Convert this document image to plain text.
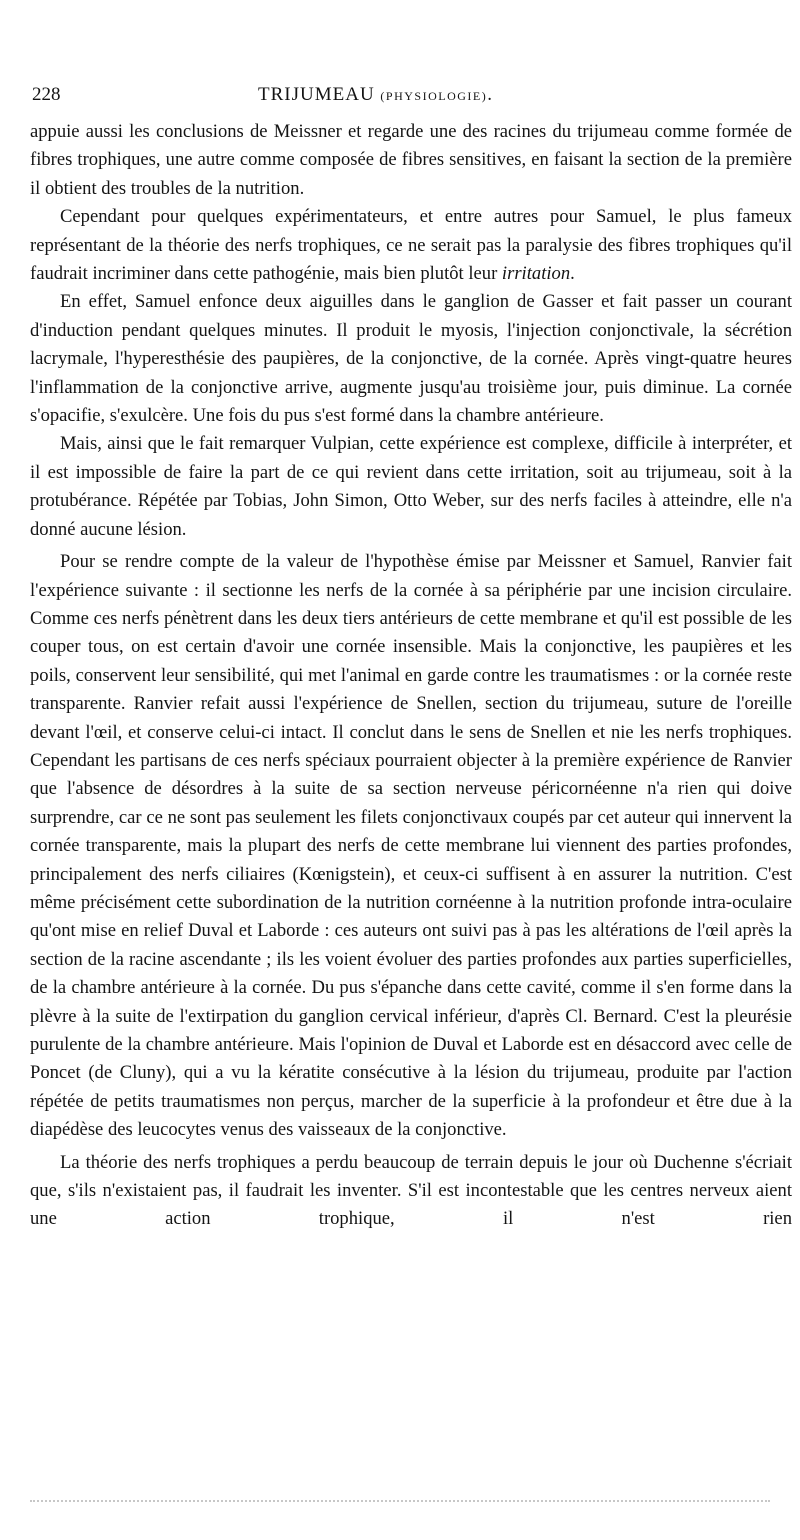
228	TRIJUMEAU (PHYSIOLOGIE).

appuie aussi les conclusions de Meissner et regarde une des racines du trijumeau comme formée de fibres trophiques, une autre comme composée de fibres sensitives, en faisant la section de la première il obtient des troubles de la nutrition.

Cependant pour quelques expérimentateurs, et entre autres pour Samuel, le plus fameux représentant de la théorie des nerfs trophiques, ce ne serait pas la paralysie des fibres trophiques qu'il faudrait incriminer dans cette pathogénie, mais bien plutôt leur irritation.

En effet, Samuel enfonce deux aiguilles dans le ganglion de Gasser et fait passer un courant d'induction pendant quelques minutes. Il produit le myosis, l'injection conjonctivale, la sécrétion lacrymale, l'hyperesthésie des paupières, de la conjonctive, de la cornée. Après vingt-quatre heures l'inflammation de la conjonctive arrive, augmente jusqu'au troisième jour, puis diminue. La cornée s'opacifie, s'exulcère. Une fois du pus s'est formé dans la chambre antérieure.

Mais, ainsi que le fait remarquer Vulpian, cette expérience est complexe, difficile à interpréter, et il est impossible de faire la part de ce qui revient dans cette irritation, soit au trijumeau, soit à la protubérance. Répétée par Tobias, John Simon, Otto Weber, sur des nerfs faciles à atteindre, elle n'a donné aucune lésion.

Pour se rendre compte de la valeur de l'hypothèse émise par Meissner et Samuel, Ranvier fait l'expérience suivante : il sectionne les nerfs de la cornée à sa périphérie par une incision circulaire. Comme ces nerfs pénètrent dans les deux tiers antérieurs de cette membrane et qu'il est possible de les couper tous, on est certain d'avoir une cornée insensible. Mais la conjonctive, les paupières et les poils, conservent leur sensibilité, qui met l'animal en garde contre les traumatismes : or la cornée reste transparente. Ranvier refait aussi l'expérience de Snellen, section du trijumeau, suture de l'oreille devant l'œil, et conserve celui-ci intact. Il conclut dans le sens de Snellen et nie les nerfs trophiques. Cependant les partisans de ces nerfs spéciaux pourraient objecter à la première expérience de Ranvier que l'absence de désordres à la suite de sa section nerveuse péricornéenne n'a rien qui doive surprendre, car ce ne sont pas seulement les filets conjonctivaux coupés par cet auteur qui innervent la cornée transparente, mais la plupart des nerfs de cette membrane lui viennent des parties profondes, principalement des nerfs ciliaires (Kœnigstein), et ceux-ci suffisent à en assurer la nutrition. C'est même précisément cette subordination de la nutrition cornéenne à la nutrition profonde intra-oculaire qu'ont mise en relief Duval et Laborde : ces auteurs ont suivi pas à pas les altérations de l'œil après la section de la racine ascendante ; ils les voient évoluer des parties profondes aux parties superficielles, de la chambre antérieure à la cornée. Du pus s'épanche dans cette cavité, comme il s'en forme dans la plèvre à la suite de l'extirpation du ganglion cervical inférieur, d'après Cl. Bernard. C'est la pleurésie purulente de la chambre antérieure. Mais l'opinion de Duval et Laborde est en désaccord avec celle de Poncet (de Cluny), qui a vu la kératite consécutive à la lésion du trijumeau, produite par l'action répétée de petits traumatismes non perçus, marcher de la superficie à la profondeur et être due à la diapédèse des leucocytes venus des vaisseaux de la conjonctive.

La théorie des nerfs trophiques a perdu beaucoup de terrain depuis le jour où Duchenne s'écriait que, s'ils n'existaient pas, il faudrait les inventer. S'il est incontestable que les centres nerveux aient une action trophique, il n'est rien
